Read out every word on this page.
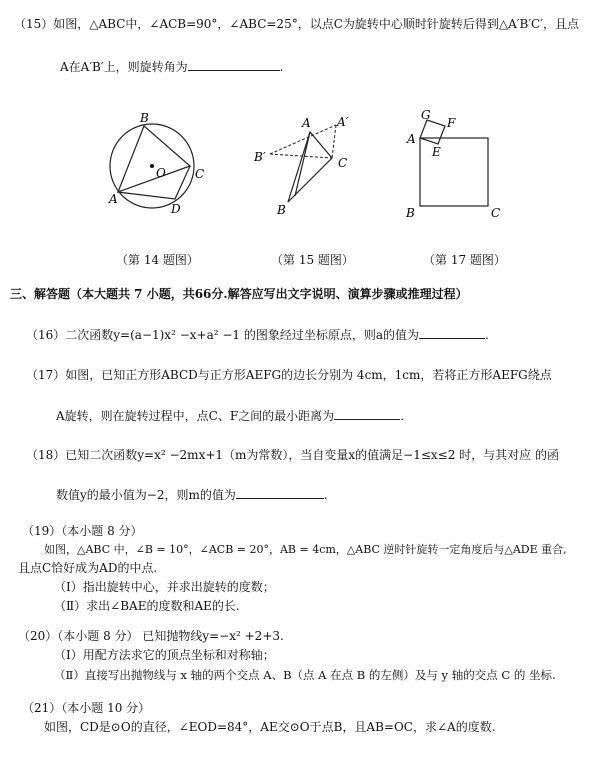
（15）如图，△ABC中，∠ACB=90°，∠ABC=25°，以点C为旋转中心顺时针旋转后得到△A′B′C′，且点
A在A′B′上，则旋转角为	.
B
O C
A
D
A A′
B′	C
B
G
F
A
E
B	C
（第 14 题图）	（第 15 题图）	（第 17 题图）
三、解答题（本大题共 7 小题，共66分.解答应写出文字说明、演算步骤或推理过程）
（16）二次函数y=(a−1)x² −x+a² −1 的图象经过坐标原点，则a的值为	.
（17）如图，已知正方形ABCD与正方形AEFG的边长分别为 4cm，1cm，若将正方形AEFG绕点
A旋转，则在旋转过程中，点C、F之间的最小距离为	.
（18）已知二次函数y=x² −2mx+1（m为常数），当自变量x的值满足−1≤x≤2 时，与其对应 的函
数值y的最小值为−2，则m的值为	.
（19）（本小题 8 分）
如图，△ABC 中，∠B = 10°，∠ACB = 20°，AB = 4cm，△ABC 逆时针旋转一定角度后与△ADE 重合,
且点C恰好成为AD的中点.
（Ⅰ）指出旋转中心，并求出旋转的度数；
（Ⅱ）求出∠BAE的度数和AE的长.
（20）（本小题 8 分） 已知抛物线y=−x² +2+3.
（Ⅰ）用配方法求它的顶点坐标和对称轴；
（Ⅱ）直接写出抛物线与 x 轴的两个交点 A、B（点 A 在点 B 的左侧）及与 y 轴的交点 C 的 坐标.
（21）（本小题 10 分）
如图，CD是⊙O的直径，∠EOD=84°，AE交⊙O于点B，且AB=OC，求∠A的度数.
